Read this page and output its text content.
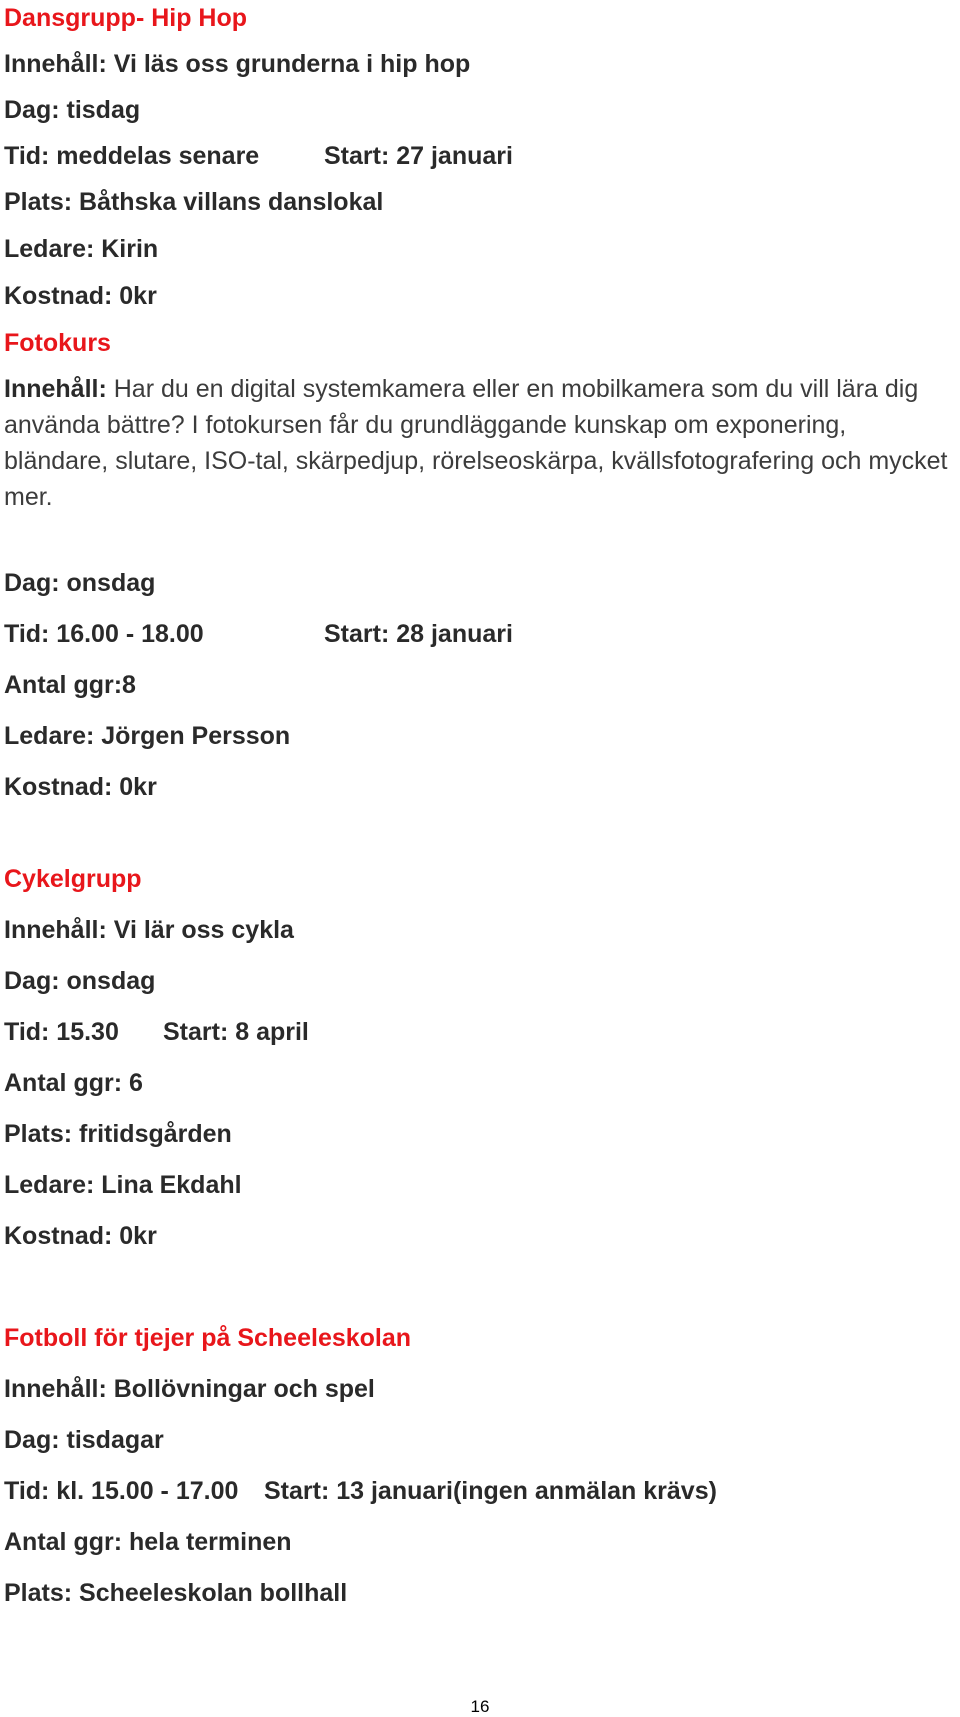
Dansgrupp- Hip Hop
Innehåll: Vi läs oss grunderna i hip hop
Dag: tisdag
Tid: meddelas senare	Start: 27 januari
Plats: Båthska villans danslokal
Ledare: Kirin
Kostnad: 0kr
Fotokurs
Innehåll: Har du en digital systemkamera eller en mobilkamera som du vill lära dig använda bättre? I fotokursen får du grundläggande kunskap om exponering, bländare, slutare, ISO-tal, skärpedjup, rörelseoskärpa, kvällsfotografering och mycket mer.
Dag: onsdag
Tid: 16.00 - 18.00	Start: 28 januari
Antal ggr:8
Ledare: Jörgen Persson
Kostnad: 0kr
Cykelgrupp
Innehåll: Vi lär oss cykla
Dag: onsdag
Tid: 15.30 Start: 8 april
Antal ggr: 6
Plats: fritidsgården
Ledare: Lina Ekdahl
Kostnad: 0kr
Fotboll för tjejer på Scheeleskolan
Innehåll: Bollövningar och spel
Dag: tisdagar
Tid: kl. 15.00 - 17.00 Start: 13 januari(ingen anmälan krävs)
Antal ggr: hela terminen
Plats: Scheeleskolan bollhall
16
